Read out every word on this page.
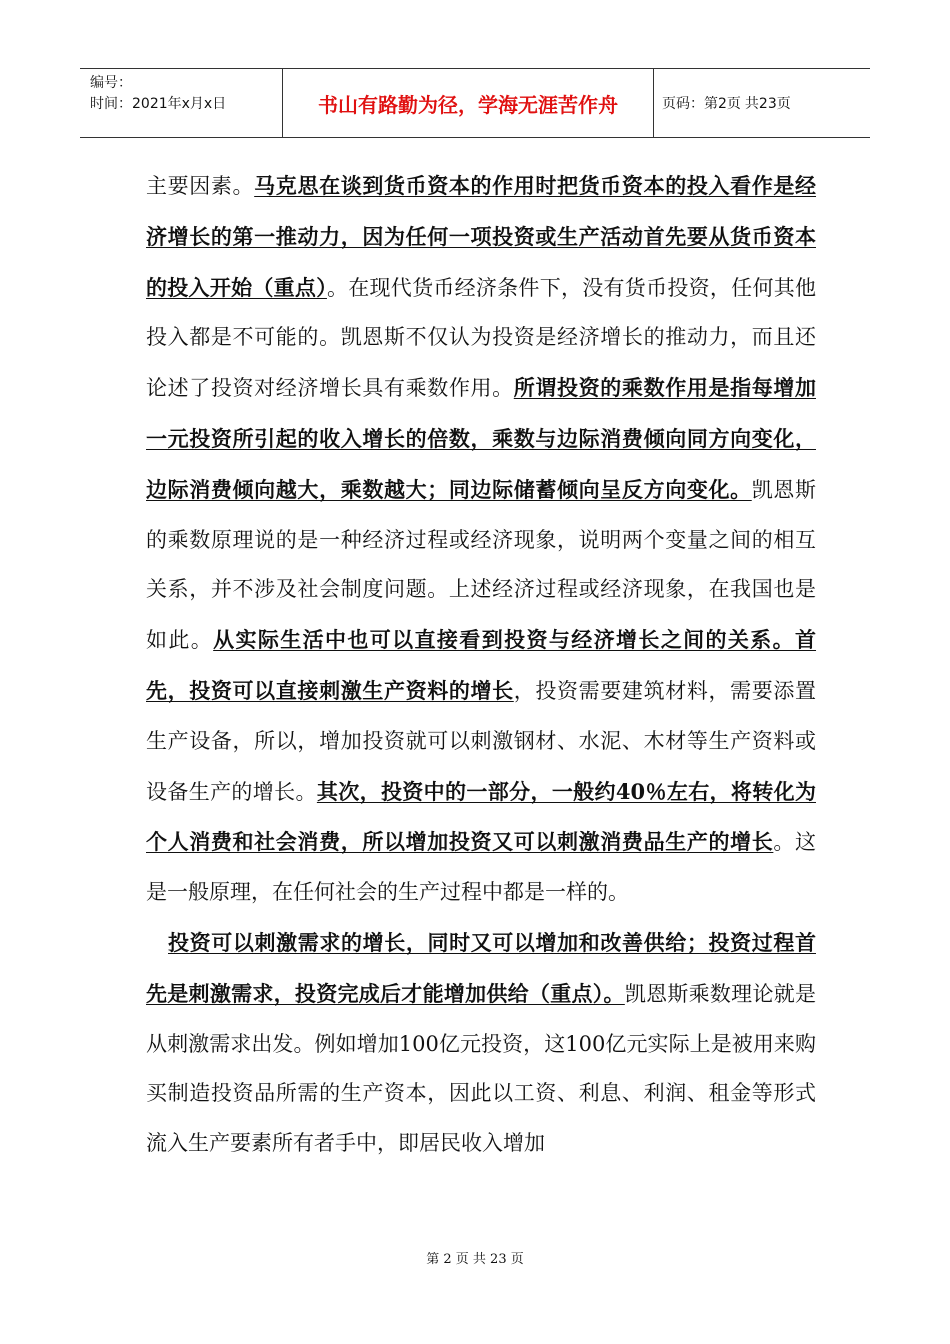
编号：
时间：2021年x月x日	书山有路勤为径，学海无涯苦作舟	页码：第2页 共23页

主要因素。马克思在谈到货币资本的作用时把货币资本的投入看作是经济增长的第一推动力，因为任何一项投资或生产活动首先要从货币资本的投入开始（重点）。在现代货币经济条件下，没有货币投资，任何其他投入都是不可能的。凯恩斯不仅认为投资是经济增长的推动力，而且还论述了投资对经济增长具有乘数作用。所谓投资的乘数作用是指每增加一元投资所引起的收入增长的倍数，乘数与边际消费倾向同方向变化，边际消费倾向越大，乘数越大；同边际储蓄倾向呈反方向变化。凯恩斯的乘数原理说的是一种经济过程或经济现象，说明两个变量之间的相互关系，并不涉及社会制度问题。上述经济过程或经济现象，在我国也是如此。从实际生活中也可以直接看到投资与经济增长之间的关系。首先，投资可以直接刺激生产资料的增长，投资需要建筑材料，需要添置生产设备，所以，增加投资就可以刺激钢材、水泥、木材等生产资料或设备生产的增长。其次，投资中的一部分，一般约40％左右，将转化为个人消费和社会消费，所以增加投资又可以刺激消费品生产的增长。这是一般原理，在任何社会的生产过程中都是一样的。

投资可以刺激需求的增长，同时又可以增加和改善供给；投资过程首先是刺激需求，投资完成后才能增加供给（重点）。凯恩斯乘数理论就是从刺激需求出发。例如增加100亿元投资，这100亿元实际上是被用来购买制造投资品所需的生产资本，因此以工资、利息、利润、租金等形式流入生产要素所有者手中，即居民收入增加

第 2 页 共 23 页
